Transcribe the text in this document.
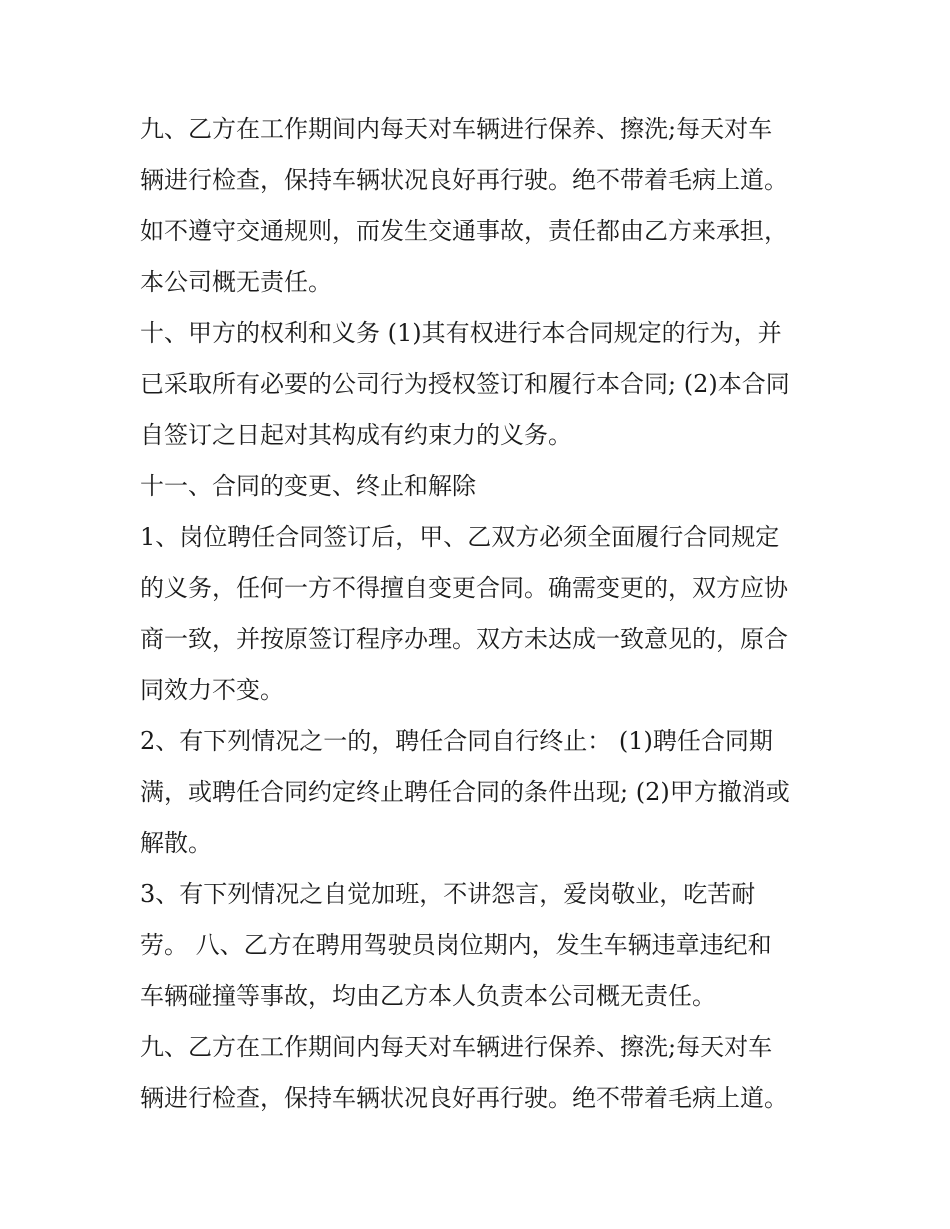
九、乙方在工作期间内每天对车辆进行保养、擦洗;每天对车
辆进行检查，保持车辆状况良好再行驶。绝不带着毛病上道。
如不遵守交通规则，而发生交通事故，责任都由乙方来承担，
本公司概无责任。
十、甲方的权利和义务 (1)其有权进行本合同规定的行为，并
已采取所有必要的公司行为授权签订和履行本合同; (2)本合同
自签订之日起对其构成有约束力的义务。
十一、合同的变更、终止和解除
1、岗位聘任合同签订后，甲、乙双方必须全面履行合同规定
的义务，任何一方不得擅自变更合同。确需变更的，双方应协
商一致，并按原签订程序办理。双方未达成一致意见的，原合
同效力不变。
2、有下列情况之一的，聘任合同自行终止： (1)聘任合同期
满，或聘任合同约定终止聘任合同的条件出现; (2)甲方撤消或
解散。
3、有下列情况之自觉加班，不讲怨言，爱岗敬业，吃苦耐
劳。 八、乙方在聘用驾驶员岗位期内，发生车辆违章违纪和
车辆碰撞等事故，均由乙方本人负责本公司概无责任。
九、乙方在工作期间内每天对车辆进行保养、擦洗;每天对车
辆进行检查，保持车辆状况良好再行驶。绝不带着毛病上道。
